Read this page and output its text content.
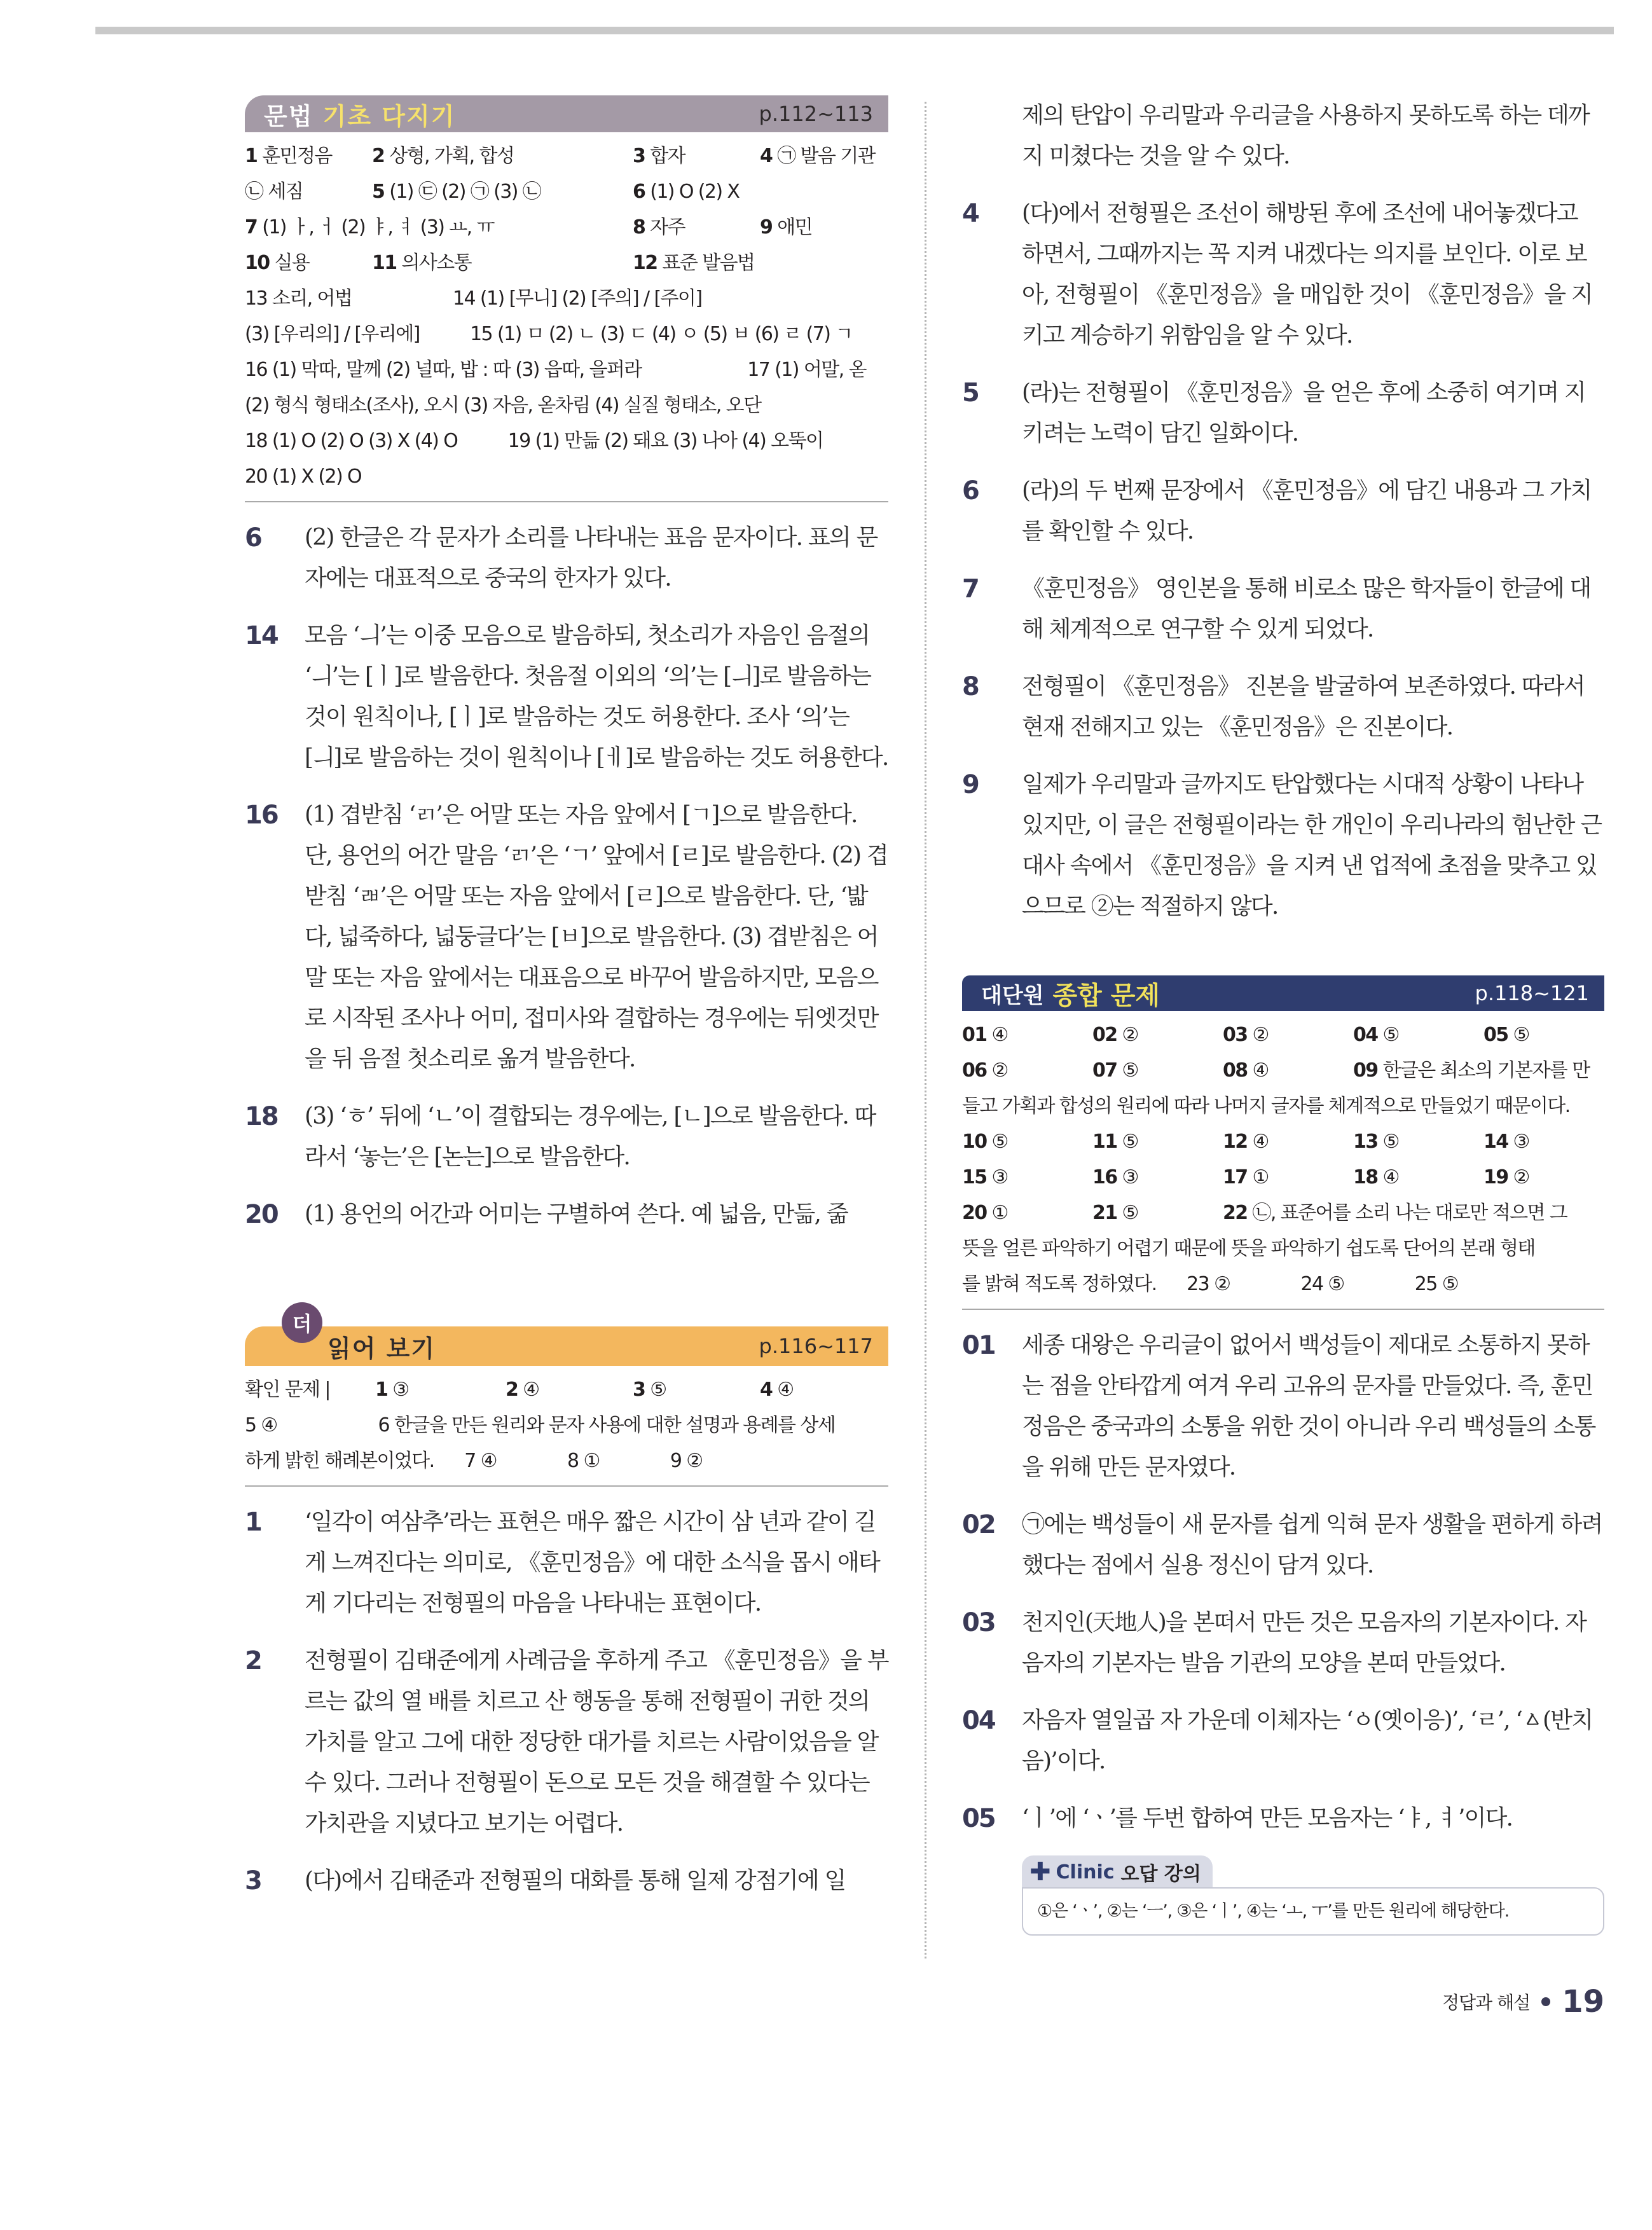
문법 기초 다지기	p.112~113
1 훈민정음 2 상형, 가획, 합성	3 합자	4 ㉠ 발음 기관
㉡ 세짐	5 (1) ㉢ (2) ㉠ (3) ㉡	6 (1) O (2) X
7 (1) ㅏ, ㅓ (2) ㅑ, ㅕ (3) ㅛ, ㅠ	8 자주	9 애민
10 실용	11 의사소통	12 표준 발음법
13 소리, 어법                    14 (1) [무니] (2) [주의] / [주이]
(3) [우리의] / [우리에]          15 (1) ㅁ (2) ㄴ (3) ㄷ (4) ㅇ (5) ㅂ (6) ㄹ (7) ㄱ
16 (1) 막따, 말께 (2) 널따, 밥 : 따 (3) 읍따, 을퍼라                     17 (1) 어말, 옫
(2) 형식 형태소(조사), 오시 (3) 자음, 옫차림 (4) 실질 형태소, 오단
18 (1) O (2) O (3) X (4) O          19 (1) 만듦 (2) 돼요 (3) 나아 (4) 오뚝이
20 (1) X (2) O
6	(2) 한글은 각 문자가 소리를 나타내는 표음 문자이다. 표의 문자에는 대표적으로 중국의 한자가 있다.
14	모음 ‘ㅢ’는 이중 모음으로 발음하되, 첫소리가 자음인 음절의 ‘ㅢ’는 [ㅣ]로 발음한다. 첫음절 이외의 ‘의’는 [ㅢ]로 발음하는 것이 원칙이나, [ㅣ]로 발음하는 것도 허용한다. 조사 ‘의’는 [ㅢ]로 발음하는 것이 원칙이나 [ㅔ]로 발음하는 것도 허용한다.
16	(1) 겹받침 ‘ㄺ’은 어말 또는 자음 앞에서 [ㄱ]으로 발음한다. 단, 용언의 어간 말음 ‘ㄺ’은 ‘ㄱ’ 앞에서 [ㄹ]로 발음한다. (2) 겹받침 ‘ㄼ’은 어말 또는 자음 앞에서 [ㄹ]으로 발음한다. 단, ‘밟다, 넓죽하다, 넓둥글다’는 [ㅂ]으로 발음한다. (3) 겹받침은 어말 또는 자음 앞에서는 대표음으로 바꾸어 발음하지만, 모음으로 시작된 조사나 어미, 접미사와 결합하는 경우에는 뒤엣것만을 뒤 음절 첫소리로 옮겨 발음한다.
18	(3) ‘ㅎ’ 뒤에 ‘ㄴ’이 결합되는 경우에는, [ㄴ]으로 발음한다. 따라서 ‘놓는’은 [논는]으로 발음한다.
20	(1) 용언의 어간과 어미는 구별하여 쓴다. 예 넓음, 만듦, 줆
더
읽어 보기	p.116~117
확인 문제 | 1 ③	2 ④	3 ⑤	4 ④
5 ④                    6 한글을 만든 원리와 문자 사용에 대한 설명과 용례를 상세
하게 밝힌 해례본이었다.      7 ④              8 ①              9 ②
1	‘일각이 여삼추’라는 표현은 매우 짧은 시간이 삼 년과 같이 길게 느껴진다는 의미로, 《훈민정음》에 대한 소식을 몹시 애타게 기다리는 전형필의 마음을 나타내는 표현이다.
2	전형필이 김태준에게 사례금을 후하게 주고 《훈민정음》을 부르는 값의 열 배를 치르고 산 행동을 통해 전형필이 귀한 것의 가치를 알고 그에 대한 정당한 대가를 치르는 사람이었음을 알 수 있다. 그러나 전형필이 돈으로 모든 것을 해결할 수 있다는 가치관을 지녔다고 보기는 어렵다.
3	(다)에서 김태준과 전형필의 대화를 통해 일제 강점기에 일
제의 탄압이 우리말과 우리글을 사용하지 못하도록 하는 데까지 미쳤다는 것을 알 수 있다.
4	(다)에서 전형필은 조선이 해방된 후에 조선에 내어놓겠다고 하면서, 그때까지는 꼭 지켜 내겠다는 의지를 보인다. 이로 보아, 전형필이 《훈민정음》을 매입한 것이 《훈민정음》을 지키고 계승하기 위함임을 알 수 있다.
5	(라)는 전형필이 《훈민정음》을 얻은 후에 소중히 여기며 지키려는 노력이 담긴 일화이다.
6	(라)의 두 번째 문장에서 《훈민정음》에 담긴 내용과 그 가치를 확인할 수 있다.
7	《훈민정음》 영인본을 통해 비로소 많은 학자들이 한글에 대해 체계적으로 연구할 수 있게 되었다.
8	전형필이 《훈민정음》 진본을 발굴하여 보존하였다. 따라서 현재 전해지고 있는 《훈민정음》은 진본이다.
9	일제가 우리말과 글까지도 탄압했다는 시대적 상황이 나타나 있지만, 이 글은 전형필이라는 한 개인이 우리나라의 험난한 근대사 속에서 《훈민정음》을 지켜 낸 업적에 초점을 맞추고 있으므로 ②는 적절하지 않다.
대단원 종합 문제	p.118~121
01 ④	02 ②	03 ②	04 ⑤	05 ⑤
06 ②	07 ⑤	08 ④	09 한글은 최소의 기본자를 만
들고 가획과 합성의 원리에 따라 나머지 글자를 체계적으로 만들었기 때문이다.
10 ⑤	11 ⑤	12 ④	13 ⑤	14 ③
15 ③	16 ③	17 ①	18 ④	19 ②
20 ①	21 ⑤	22 ㉡, 표준어를 소리 나는 대로만 적으면 그
뜻을 얼른 파악하기 어렵기 때문에 뜻을 파악하기 쉽도록 단어의 본래 형태
를 밝혀 적도록 정하였다.      23 ②              24 ⑤              25 ⑤
01	세종 대왕은 우리글이 없어서 백성들이 제대로 소통하지 못하는 점을 안타깝게 여겨 우리 고유의 문자를 만들었다. 즉, 훈민정음은 중국과의 소통을 위한 것이 아니라 우리 백성들의 소통을 위해 만든 문자였다.
02	㉠에는 백성들이 새 문자를 쉽게 익혀 문자 생활을 편하게 하려 했다는 점에서 실용 정신이 담겨 있다.
03	천지인(天地人)을 본떠서 만든 것은 모음자의 기본자이다. 자음자의 기본자는 발음 기관의 모양을 본떠 만들었다.
04	자음자 열일곱 자 가운데 이체자는 ‘ㆁ(옛이응)’, ‘ㄹ’, ‘ㅿ(반치음)’이다.
05	‘ㅣ’에 ‘ㆍ’를 두번 합하여 만든 모음자는 ‘ㅑ, ㅕ’이다.
✚ Clinic 오답 강의
①은 ‘ㆍ’, ②는 ‘ㅡ’, ③은 ‘ㅣ’, ④는 ‘ㅗ, ㅜ’를 만든 원리에 해당한다.
정답과 해설 19
